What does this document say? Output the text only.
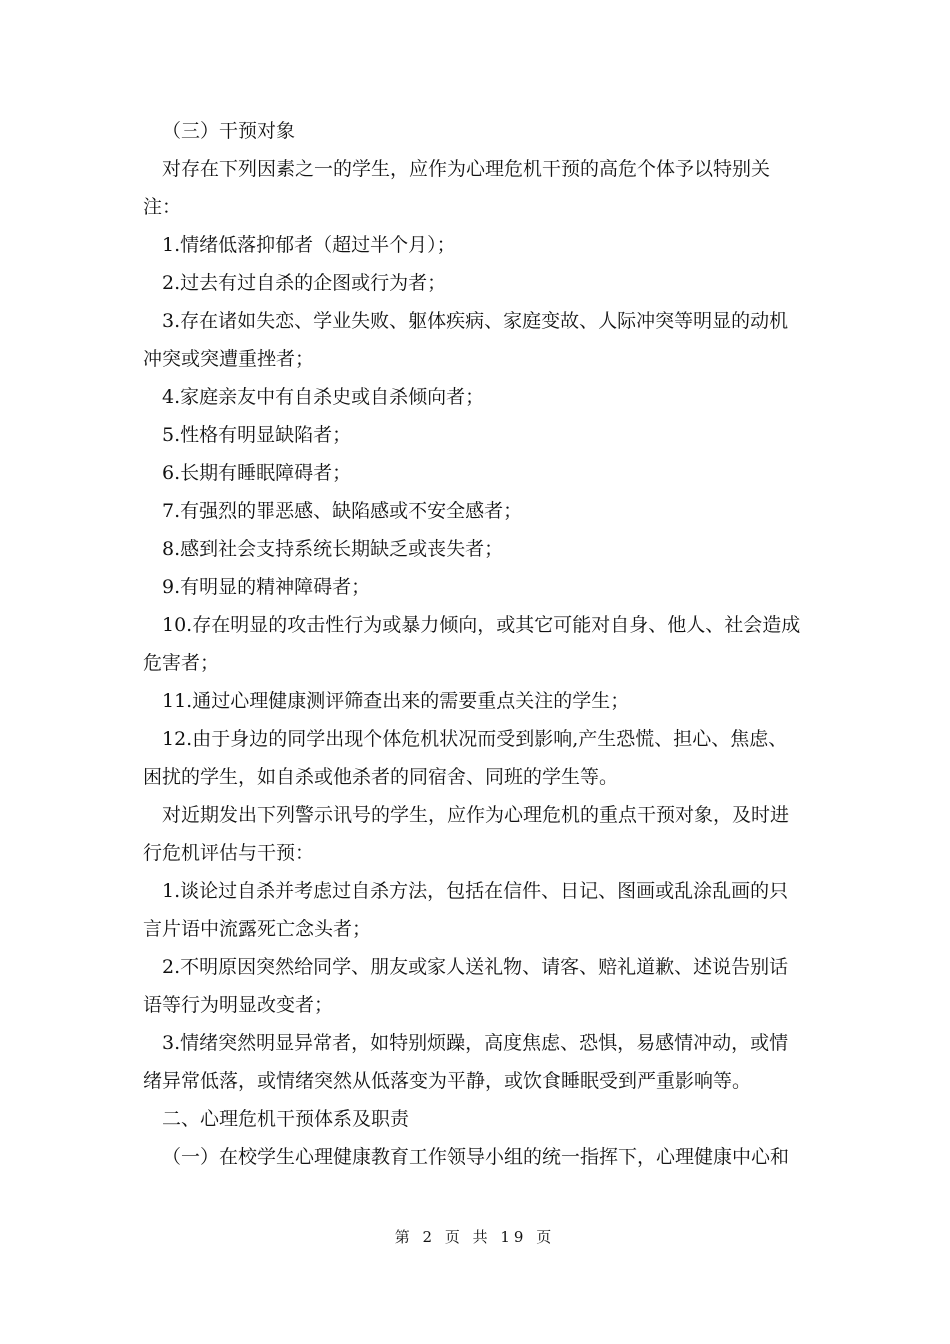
（三）干预对象
对存在下列因素之一的学生，应作为心理危机干预的高危个体予以特别关
注：
1.情绪低落抑郁者（超过半个月）；
2.过去有过自杀的企图或行为者；
3.存在诸如失恋、学业失败、躯体疾病、家庭变故、人际冲突等明显的动机
冲突或突遭重挫者；
4.家庭亲友中有自杀史或自杀倾向者；
5.性格有明显缺陷者；
6.长期有睡眠障碍者；
7.有强烈的罪恶感、缺陷感或不安全感者；
8.感到社会支持系统长期缺乏或丧失者；
9.有明显的精神障碍者；
10.存在明显的攻击性行为或暴力倾向，或其它可能对自身、他人、社会造成
危害者；
11.通过心理健康测评筛查出来的需要重点关注的学生；
12.由于身边的同学出现个体危机状况而受到影响,产生恐慌、担心、焦虑、
困扰的学生，如自杀或他杀者的同宿舍、同班的学生等。
对近期发出下列警示讯号的学生，应作为心理危机的重点干预对象，及时进
行危机评估与干预：
1.谈论过自杀并考虑过自杀方法，包括在信件、日记、图画或乱涂乱画的只
言片语中流露死亡念头者；
2.不明原因突然给同学、朋友或家人送礼物、请客、赔礼道歉、述说告别话
语等行为明显改变者；
3.情绪突然明显异常者，如特别烦躁，高度焦虑、恐惧，易感情冲动，或情
绪异常低落，或情绪突然从低落变为平静，或饮食睡眠受到严重影响等。
二、心理危机干预体系及职责
（一）在校学生心理健康教育工作领导小组的统一指挥下，心理健康中心和
第 2 页 共 19 页
